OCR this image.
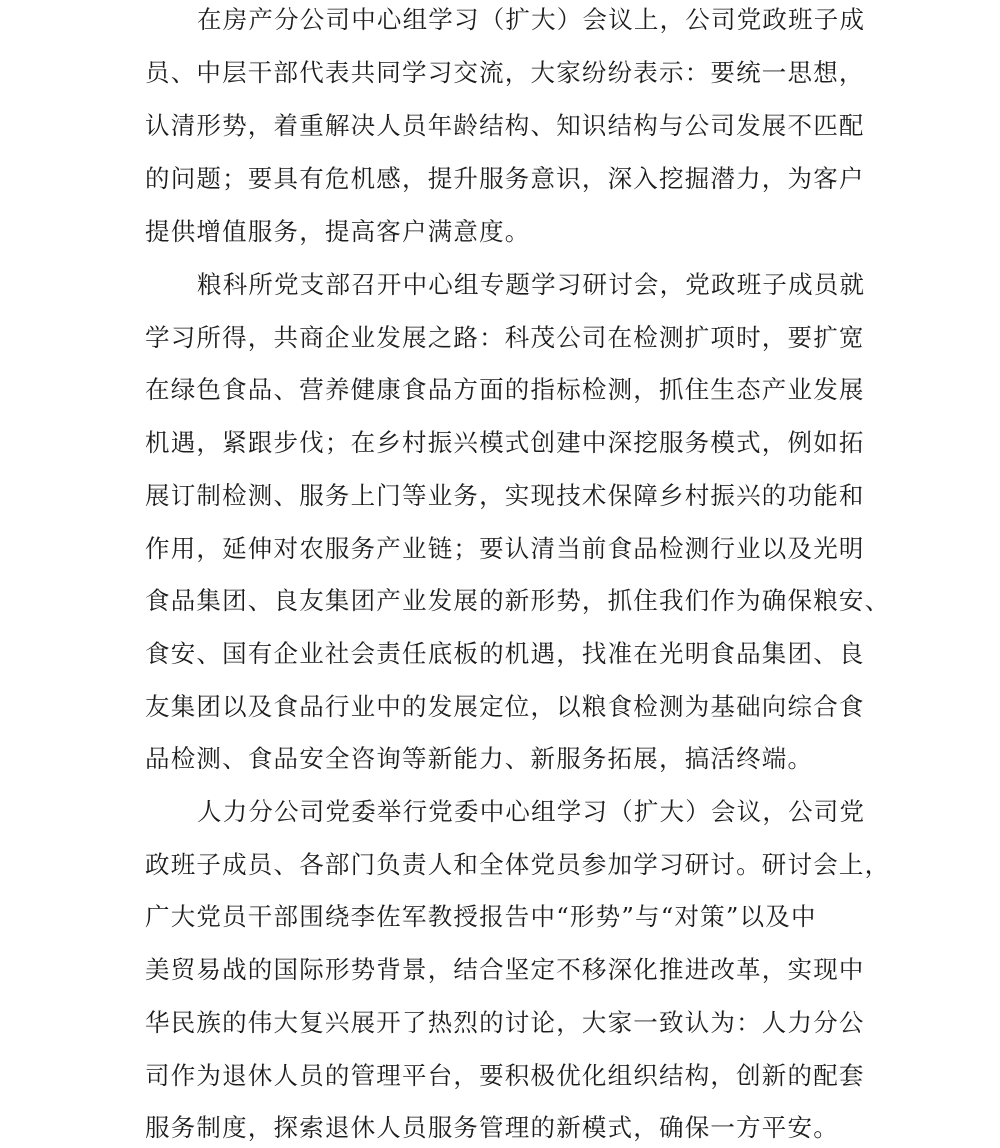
在房产分公司中心组学习（扩大）会议上，公司党政班子成
员、中层干部代表共同学习交流，大家纷纷表示：要统一思想，
认清形势，着重解决人员年龄结构、知识结构与公司发展不匹配
的问题；要具有危机感，提升服务意识，深入挖掘潜力，为客户
提供增值服务，提高客户满意度。
粮科所党支部召开中心组专题学习研讨会，党政班子成员就
学习所得，共商企业发展之路：科茂公司在检测扩项时，要扩宽
在绿色食品、营养健康食品方面的指标检测，抓住生态产业发展
机遇，紧跟步伐；在乡村振兴模式创建中深挖服务模式，例如拓
展订制检测、服务上门等业务，实现技术保障乡村振兴的功能和
作用，延伸对农服务产业链；要认清当前食品检测行业以及光明
食品集团、良友集团产业发展的新形势，抓住我们作为确保粮安、
食安、国有企业社会责任底板的机遇，找准在光明食品集团、良
友集团以及食品行业中的发展定位，以粮食检测为基础向综合食
品检测、食品安全咨询等新能力、新服务拓展，搞活终端。
人力分公司党委举行党委中心组学习（扩大）会议，公司党
政班子成员、各部门负责人和全体党员参加学习研讨。研讨会上，
广大党员干部围绕李佐军教授报告中“形势”与“对策”以及中
美贸易战的国际形势背景，结合坚定不移深化推进改革，实现中
华民族的伟大复兴展开了热烈的讨论，大家一致认为：人力分公
司作为退休人员的管理平台，要积极优化组织结构，创新的配套
服务制度，探索退休人员服务管理的新模式，确保一方平安。
